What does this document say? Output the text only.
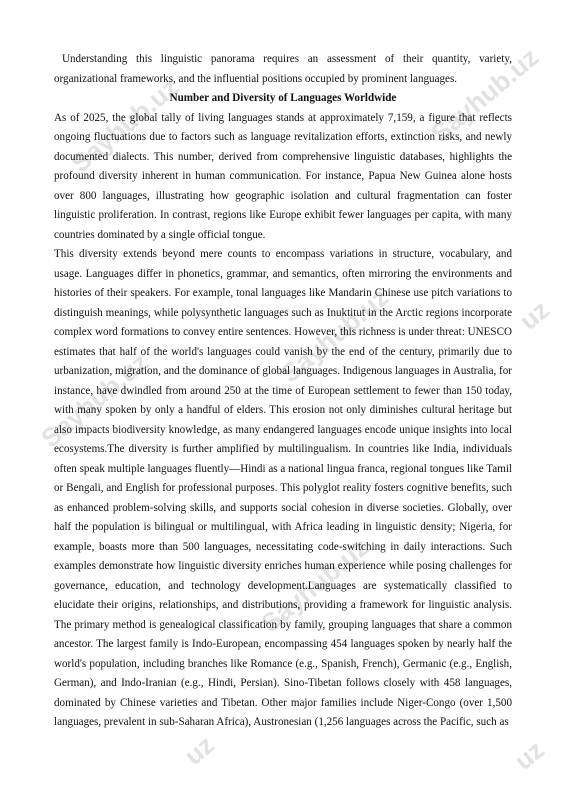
Sayhub.uz	Sayhub.uz
Sayhub.uz
Sayhub.uz
Sayhub.uz
uz
uz
uz

Understanding this linguistic panorama requires an assessment of their quantity, variety, organizational frameworks, and the influential positions occupied by prominent languages.

Number and Diversity of Languages Worldwide

As of 2025, the global tally of living languages stands at approximately 7,159, a figure that reflects ongoing fluctuations due to factors such as language revitalization efforts, extinction risks, and newly documented dialects. This number, derived from comprehensive linguistic databases, highlights the profound diversity inherent in human communication. For instance, Papua New Guinea alone hosts over 800 languages, illustrating how geographic isolation and cultural fragmentation can foster linguistic proliferation. In contrast, regions like Europe exhibit fewer languages per capita, with many countries dominated by a single official tongue.

This diversity extends beyond mere counts to encompass variations in structure, vocabulary, and usage. Languages differ in phonetics, grammar, and semantics, often mirroring the environments and histories of their speakers. For example, tonal languages like Mandarin Chinese use pitch variations to distinguish meanings, while polysynthetic languages such as Inuktitut in the Arctic regions incorporate complex word formations to convey entire sentences. However, this richness is under threat: UNESCO estimates that half of the world's languages could vanish by the end of the century, primarily due to urbanization, migration, and the dominance of global languages. Indigenous languages in Australia, for instance, have dwindled from around 250 at the time of European settlement to fewer than 150 today, with many spoken by only a handful of elders. This erosion not only diminishes cultural heritage but also impacts biodiversity knowledge, as many endangered languages encode unique insights into local ecosystems.The diversity is further amplified by multilingualism. In countries like India, individuals often speak multiple languages fluently—Hindi as a national lingua franca, regional tongues like Tamil or Bengali, and English for professional purposes. This polyglot reality fosters cognitive benefits, such as enhanced problem-solving skills, and supports social cohesion in diverse societies. Globally, over half the population is bilingual or multilingual, with Africa leading in linguistic density; Nigeria, for example, boasts more than 500 languages, necessitating code-switching in daily interactions. Such examples demonstrate how linguistic diversity enriches human experience while posing challenges for governance, education, and technology development.Languages are systematically classified to elucidate their origins, relationships, and distributions, providing a framework for linguistic analysis. The primary method is genealogical classification by family, grouping languages that share a common ancestor. The largest family is Indo-European, encompassing 454 languages spoken by nearly half the world's population, including branches like Romance (e.g., Spanish, French), Germanic (e.g., English, German), and Indo-Iranian (e.g., Hindi, Persian). Sino-Tibetan follows closely with 458 languages, dominated by Chinese varieties and Tibetan. Other major families include Niger-Congo (over 1,500 languages, prevalent in sub-Saharan Africa), Austronesian (1,256 languages across the Pacific, such as
